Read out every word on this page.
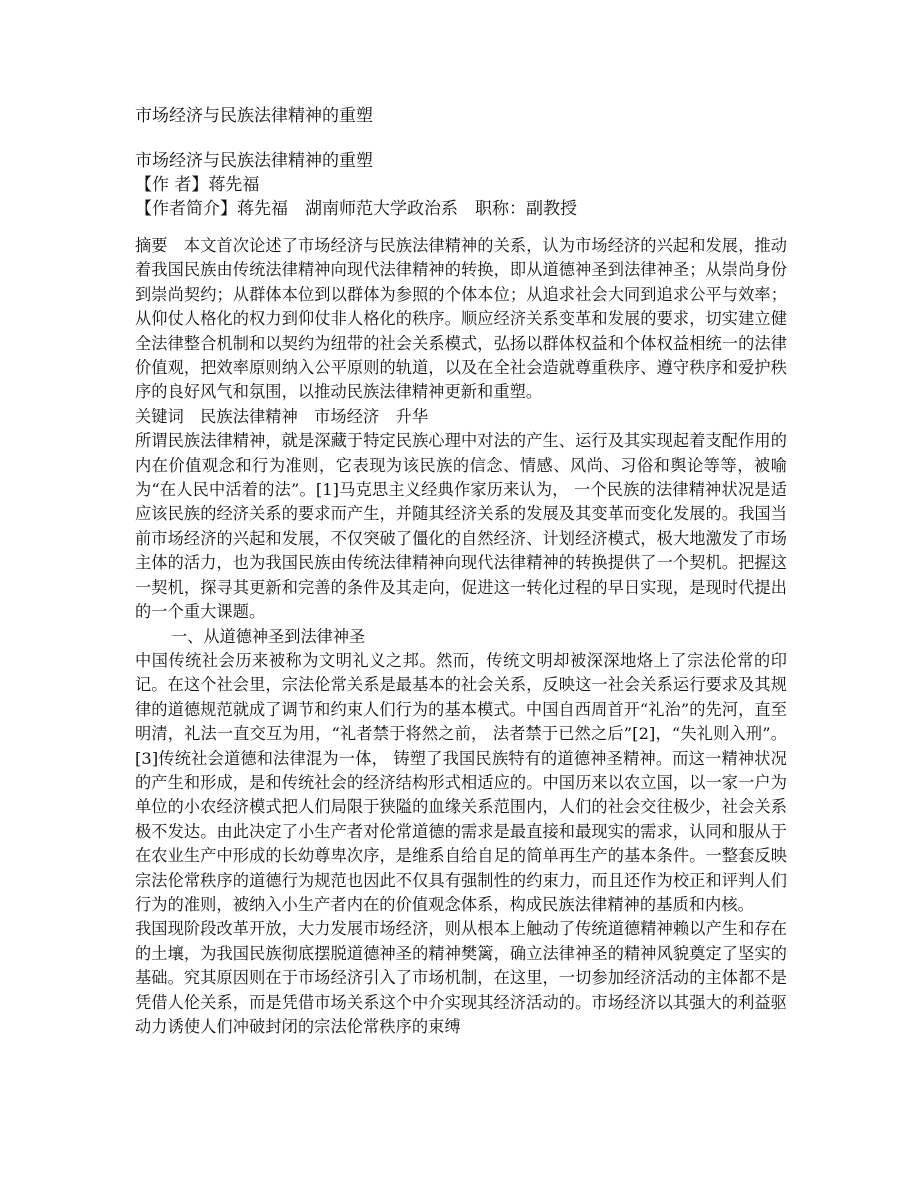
市场经济与民族法律精神的重塑

市场经济与民族法律精神的重塑

【作 者】蒋先福

【作者简介】蒋先福　湖南师范大学政治系　职称：副教授

摘要　本文首次论述了市场经济与民族法律精神的关系，认为市场经济的兴起和发展，推动着我国民族由传统法律精神向现代法律精神的转换，即从道德神圣到法律神圣；从崇尚身份到崇尚契约；从群体本位到以群体为参照的个体本位；从追求社会大同到追求公平与效率；从仰仗人格化的权力到仰仗非人格化的秩序。顺应经济关系变革和发展的要求，切实建立健全法律整合机制和以契约为纽带的社会关系模式，弘扬以群体权益和个体权益相统一的法律价值观，把效率原则纳入公平原则的轨道，以及在全社会造就尊重秩序、遵守秩序和爱护秩序的良好风气和氛围，以推动民族法律精神更新和重塑。

关键词　民族法律精神　市场经济　升华

所谓民族法律精神，就是深藏于特定民族心理中对法的产生、运行及其实现起着支配作用的内在价值观念和行为准则，它表现为该民族的信念、情感、风尚、习俗和舆论等等，被喻为“在人民中活着的法”。[1]马克思主义经典作家历来认为， 一个民族的法律精神状况是适应该民族的经济关系的要求而产生，并随其经济关系的发展及其变革而变化发展的。我国当前市场经济的兴起和发展，不仅突破了僵化的自然经济、计划经济模式，极大地激发了市场主体的活力，也为我国民族由传统法律精神向现代法律精神的转换提供了一个契机。把握这一契机，探寻其更新和完善的条件及其走向，促进这一转化过程的早日实现，是现时代提出的一个重大课题。

一、从道德神圣到法律神圣

中国传统社会历来被称为文明礼义之邦。然而，传统文明却被深深地烙上了宗法伦常的印记。在这个社会里，宗法伦常关系是最基本的社会关系，反映这一社会关系运行要求及其规律的道德规范就成了调节和约束人们行为的基本模式。中国自西周首开“礼治”的先河，直至明清，礼法一直交互为用，“礼者禁于将然之前， 法者禁于已然之后”[2]，“失礼则入刑”。[3]传统社会道德和法律混为一体， 铸塑了我国民族特有的道德神圣精神。而这一精神状况的产生和形成，是和传统社会的经济结构形式相适应的。中国历来以农立国，以一家一户为单位的小农经济模式把人们局限于狭隘的血缘关系范围内，人们的社会交往极少，社会关系极不发达。由此决定了小生产者对伦常道德的需求是最直接和最现实的需求，认同和服从于在农业生产中形成的长幼尊卑次序，是维系自给自足的简单再生产的基本条件。一整套反映宗法伦常秩序的道德行为规范也因此不仅具有强制性的约束力，而且还作为校正和评判人们行为的准则，被纳入小生产者内在的价值观念体系，构成民族法律精神的基质和内核。

我国现阶段改革开放，大力发展市场经济，则从根本上触动了传统道德精神赖以产生和存在的土壤，为我国民族彻底摆脱道德神圣的精神樊篱，确立法律神圣的精神风貌奠定了坚实的基础。究其原因则在于市场经济引入了市场机制，在这里，一切参加经济活动的主体都不是凭借人伦关系，而是凭借市场关系这个中介实现其经济活动的。市场经济以其强大的利益驱动力诱使人们冲破封闭的宗法伦常秩序的束缚
